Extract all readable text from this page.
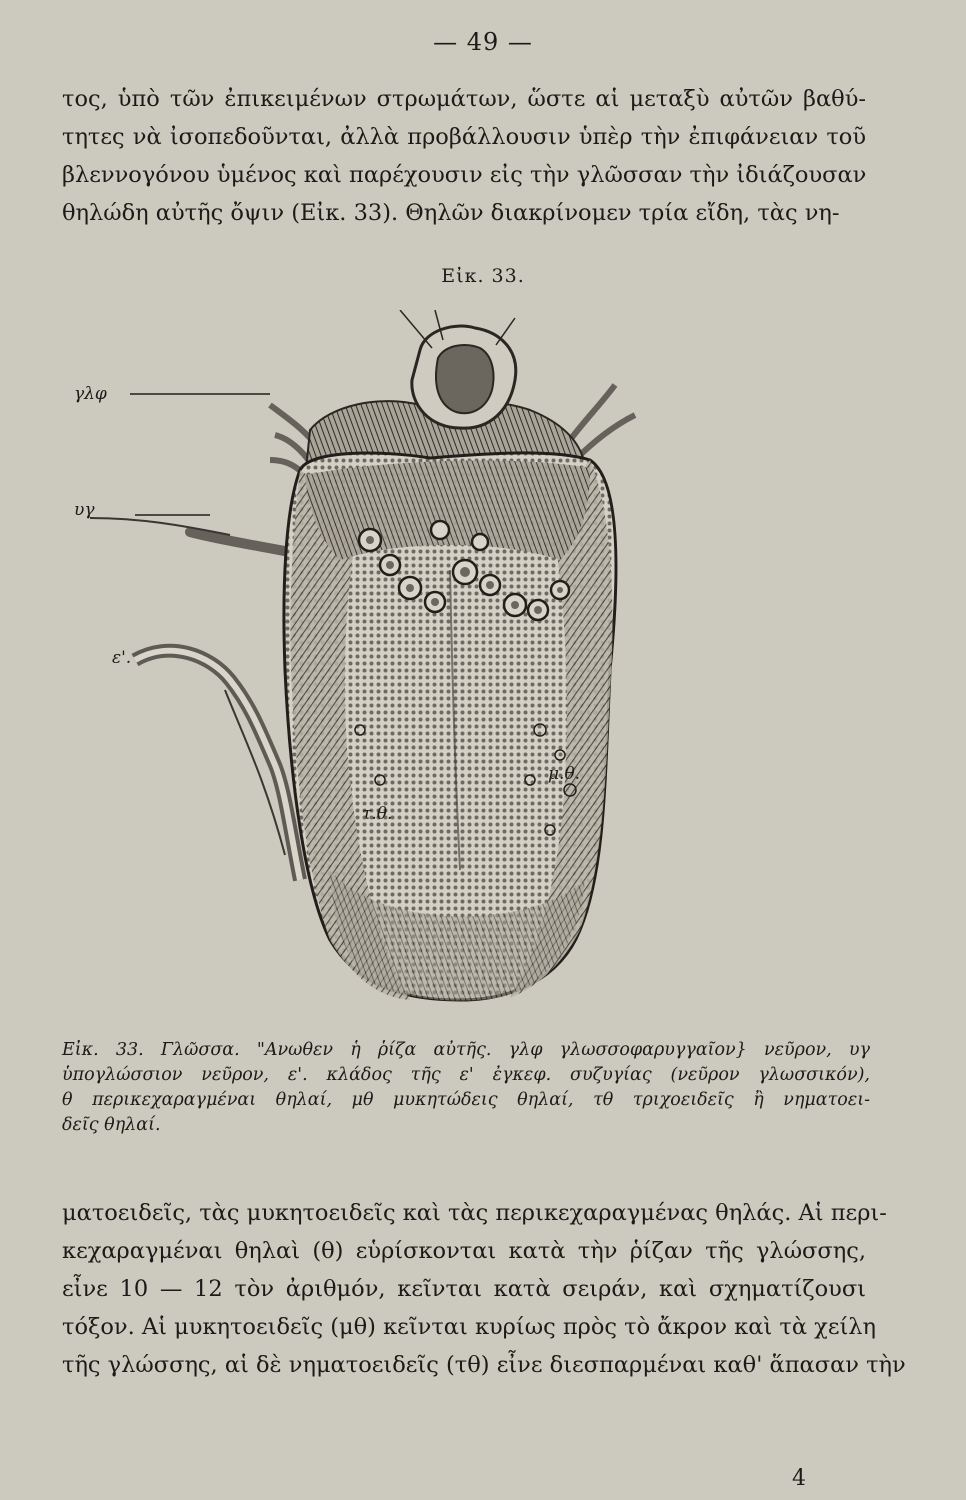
— 49 —
τος, ὑπὸ τῶν ἐπικειμένων στρωμάτων, ὥστε αἱ μεταξὺ αὐτῶν βαθύ-
τητες νὰ ἰσοπεδοῦνται, ἀλλὰ προβάλλουσιν ὑπὲρ τὴν ἐπιφάνειαν τοῦ
βλεννογόνου ὑμένος καὶ παρέχουσιν εἰς τὴν γλῶσσαν τὴν ἰδιάζουσαν
θηλώδη αὐτῆς ὄψιν (Εἰκ. 33). Θηλῶν διακρίνομεν τρία εἴδη, τὰς νη-
Εἰκ. 33.
γλφ
υγ
ε'.
μ.θ.
τ.θ.
Εἰκ. 33. Γλῶσσα. "Ανωθεν ἡ ῥίζα αὐτῆς. γλφ γλωσσοφαρυγγαῖον} νεῦρον, υγ
ὑπογλώσσιον νεῦρον, ε'. κλάδος τῆς ε' ἐγκεφ. συζυγίας (νεῦρον γλωσσικόν),
θ περικεχαραγμέναι θηλαί, μθ μυκητώδεις θηλαί, τθ τριχοειδεῖς ἢ νηματοει-
δεῖς θηλαί.
ματοειδεῖς, τὰς μυκητοειδεῖς καὶ τὰς περικεχαραγμένας θηλάς. Αἱ περι-
κεχαραγμέναι θηλαὶ (θ) εὑρίσκονται κατὰ τὴν ῥίζαν τῆς γλώσσης,
εἶνε 10 — 12 τὸν ἀριθμόν, κεῖνται κατὰ σειράν, καὶ σχηματίζουσι
τόξον. Αἱ μυκητοειδεῖς (μθ) κεῖνται κυρίως πρὸς τὸ ἄκρον καὶ τὰ χείλη
τῆς γλώσσης, αἱ δὲ νηματοειδεῖς (τθ) εἶνε διεσπαρμέναι καθ' ἅπασαν τὴν
4
